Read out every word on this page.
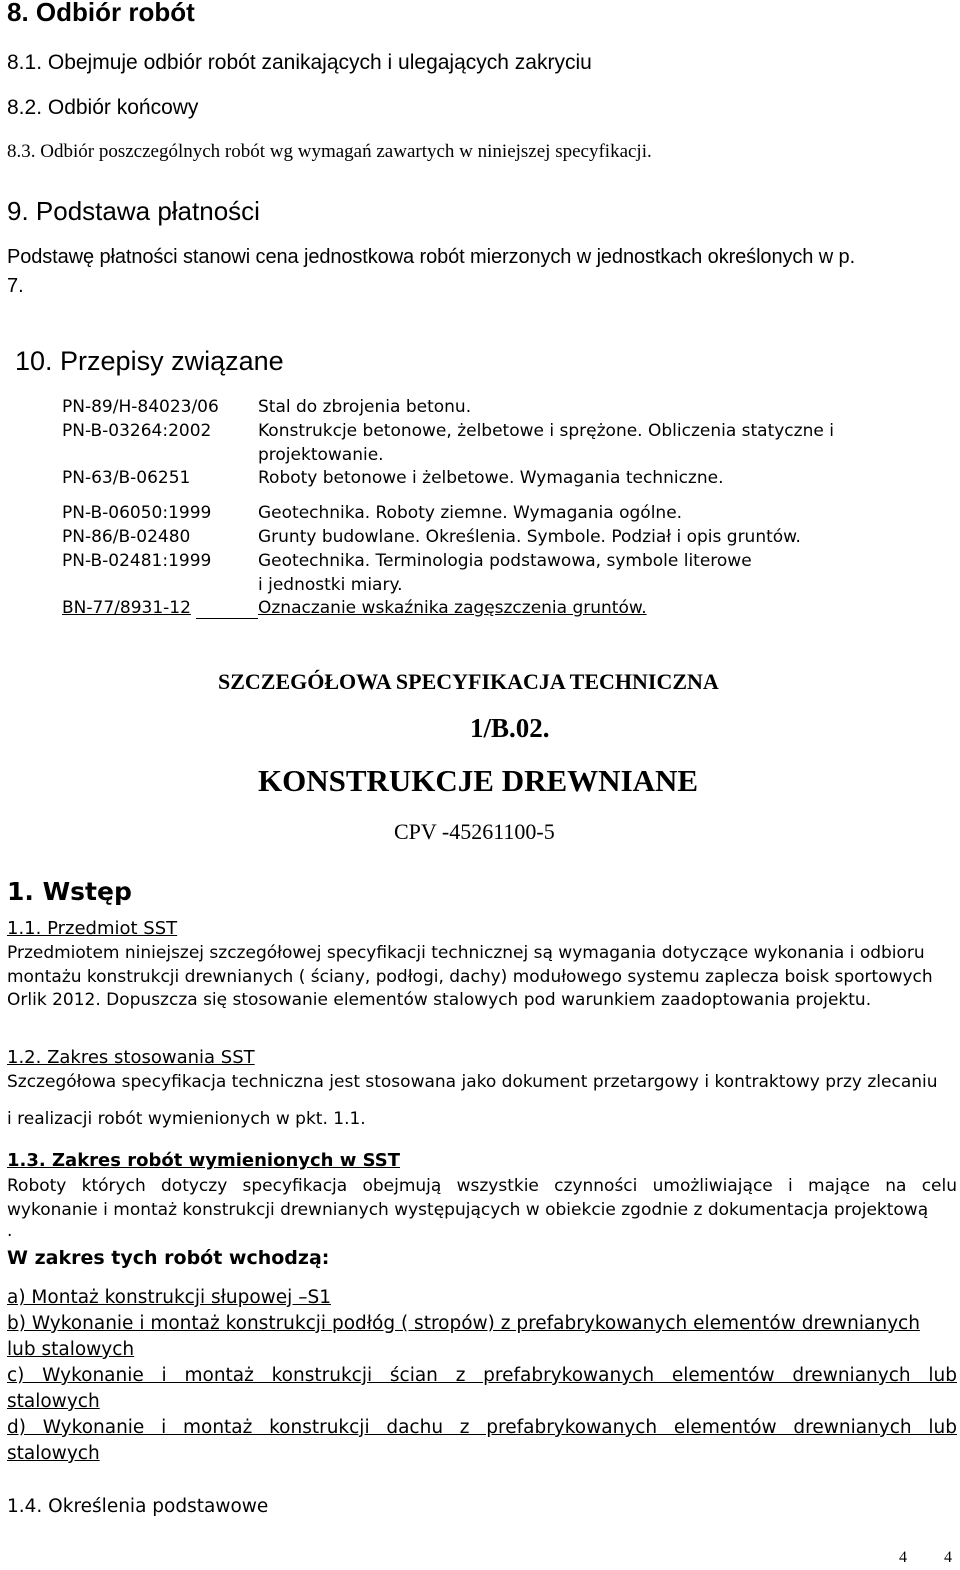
8. Odbiór robót
8.1. Obejmuje odbiór robót zanikających i ulegających zakryciu
8.2. Odbiór końcowy
8.3. Odbiór poszczególnych robót wg wymagań zawartych w niniejszej specyfikacji.
9. Podstawa płatności
Podstawę płatności stanowi cena jednostkowa robót mierzonych w jednostkach określonych w p.
7.
10. Przepisy związane
PN-89/H-84023/06 Stal do zbrojenia betonu.
PN-B-03264:2002	Konstrukcje betonowe, żelbetowe i sprężone. Obliczenia statyczne i
projektowanie.
PN-63/B-06251	Roboty betonowe i żelbetowe. Wymagania techniczne.
PN-B-06050:1999	Geotechnika. Roboty ziemne. Wymagania ogólne.
PN-86/B-02480	Grunty budowlane. Określenia. Symbole. Podział i opis gruntów.
PN-B-02481:1999	Geotechnika. Terminologia podstawowa, symbole literowe
i jednostki miary.
BN-77/8931-12	Oznaczanie wskaźnika zagęszczenia gruntów.
SZCZEGÓŁOWA SPECYFIKACJA TECHNICZNA
1/B.02.
KONSTRUKCJE DREWNIANE
CPV -45261100-5
1. Wstęp
1.1. Przedmiot SST
Przedmiotem niniejszej szczegółowej specyfikacji technicznej są wymagania dotyczące wykonania i odbioru
montażu konstrukcji drewnianych ( ściany, podłogi, dachy) modułowego systemu zaplecza boisk sportowych
Orlik 2012. Dopuszcza się stosowanie elementów stalowych pod warunkiem zaadoptowania projektu.
1.2. Zakres stosowania SST
Szczegółowa specyfikacja techniczna jest stosowana jako dokument przetargowy i kontraktowy przy zlecaniu
i realizacji robót wymienionych w pkt. 1.1.
1.3. Zakres robót wymienionych w SST
Roboty których dotyczy specyfikacja obejmują wszystkie czynności umożliwiające i mające na celu
wykonanie i montaż konstrukcji drewnianych występujących w obiekcie zgodnie z dokumentacja projektową
.
W zakres tych robót wchodzą:
a) Montaż konstrukcji słupowej –S1
b) Wykonanie i montaż konstrukcji podłóg ( stropów) z prefabrykowanych elementów drewnianych
lub stalowych
c) Wykonanie i montaż konstrukcji ścian z prefabrykowanych elementów drewnianych lub
stalowych
d) Wykonanie i montaż konstrukcji dachu z prefabrykowanych elementów drewnianych lub
stalowych
1.4. Określenia podstawowe
4 4
